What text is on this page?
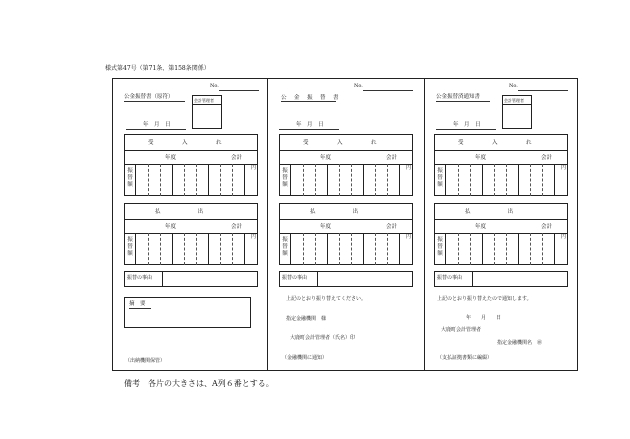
様式第47号（第71条、第158条関係）
No.
公金振替書（原符）
会計管理者
年　月　日
受　　　入　　　れ
年度	会計
円
振
替
額
払　　　　出
年度	会計
円
振
替
額
振替の事由
摘　要
（出納機関保管）
No.
公　金　振　替　書
年　月　日
受　　　入　　　れ
年度	会計
円
振
替
額
払　　　　出
年度	会計
円
振
替
額
振替の事由
上記のとおり振り替えてください。
指定金融機関　様
大鹿町会計管理者（氏名）印
（金融機関に通知）
No.
公金振替済通知書
会計管理者
年　月　日
受　　　入　　　れ
年度	会計
円
振
替
額
払　　　　出
年度	会計
円
振
替
額
振替の事由
上記のとおり振り替えたので通知します。
年　　月　　日
大鹿町会計管理者
指定金融機関名　㊞
（支払証拠書類に編綴）
備考　各片の大きさは、A列６番とする。
